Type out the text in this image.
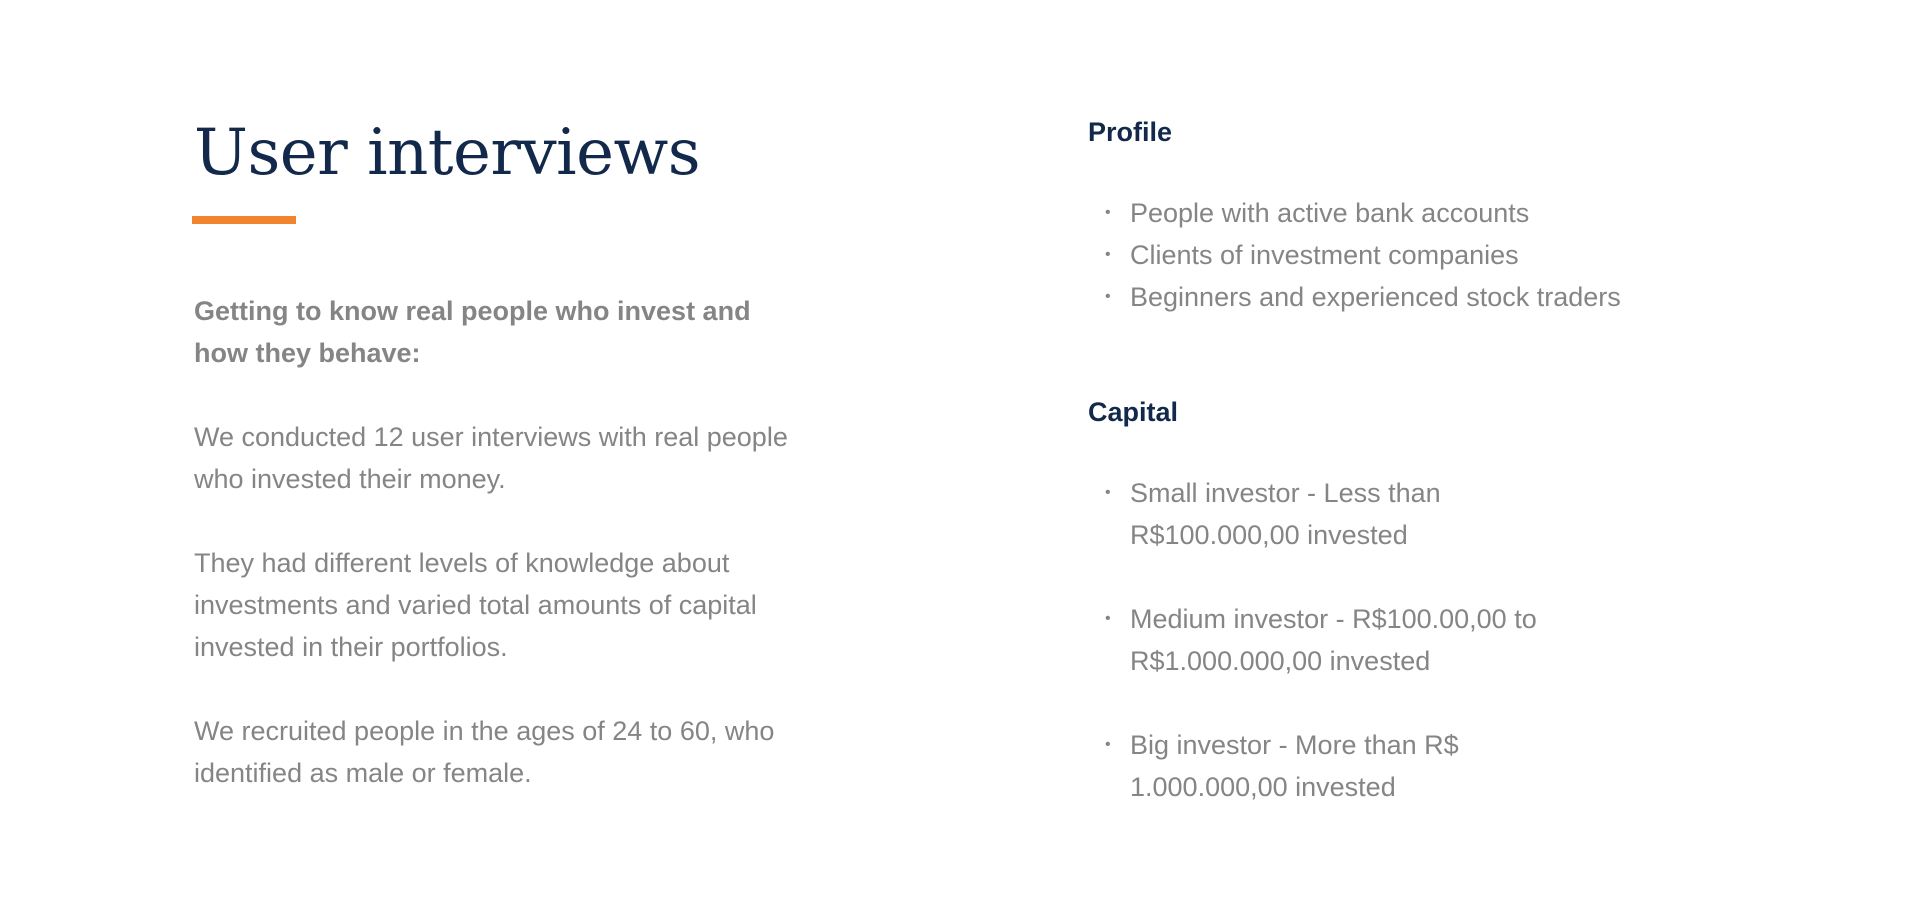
User interviews
Getting to know real people who invest and how they behave:
We conducted 12 user interviews with real people who invested their money.
They had different levels of knowledge about investments and varied total amounts of capital invested in their portfolios.
We recruited people in the ages of 24 to 60, who identified as male or female.
Profile
• People with active bank accounts
• Clients of investment companies
• Beginners and experienced stock traders
Capital
• Small investor - Less than R$100.000,00 invested
• Medium investor - R$100.00,00 to R$1.000.000,00 invested
• Big investor - More than R$ 1.000.000,00 invested
